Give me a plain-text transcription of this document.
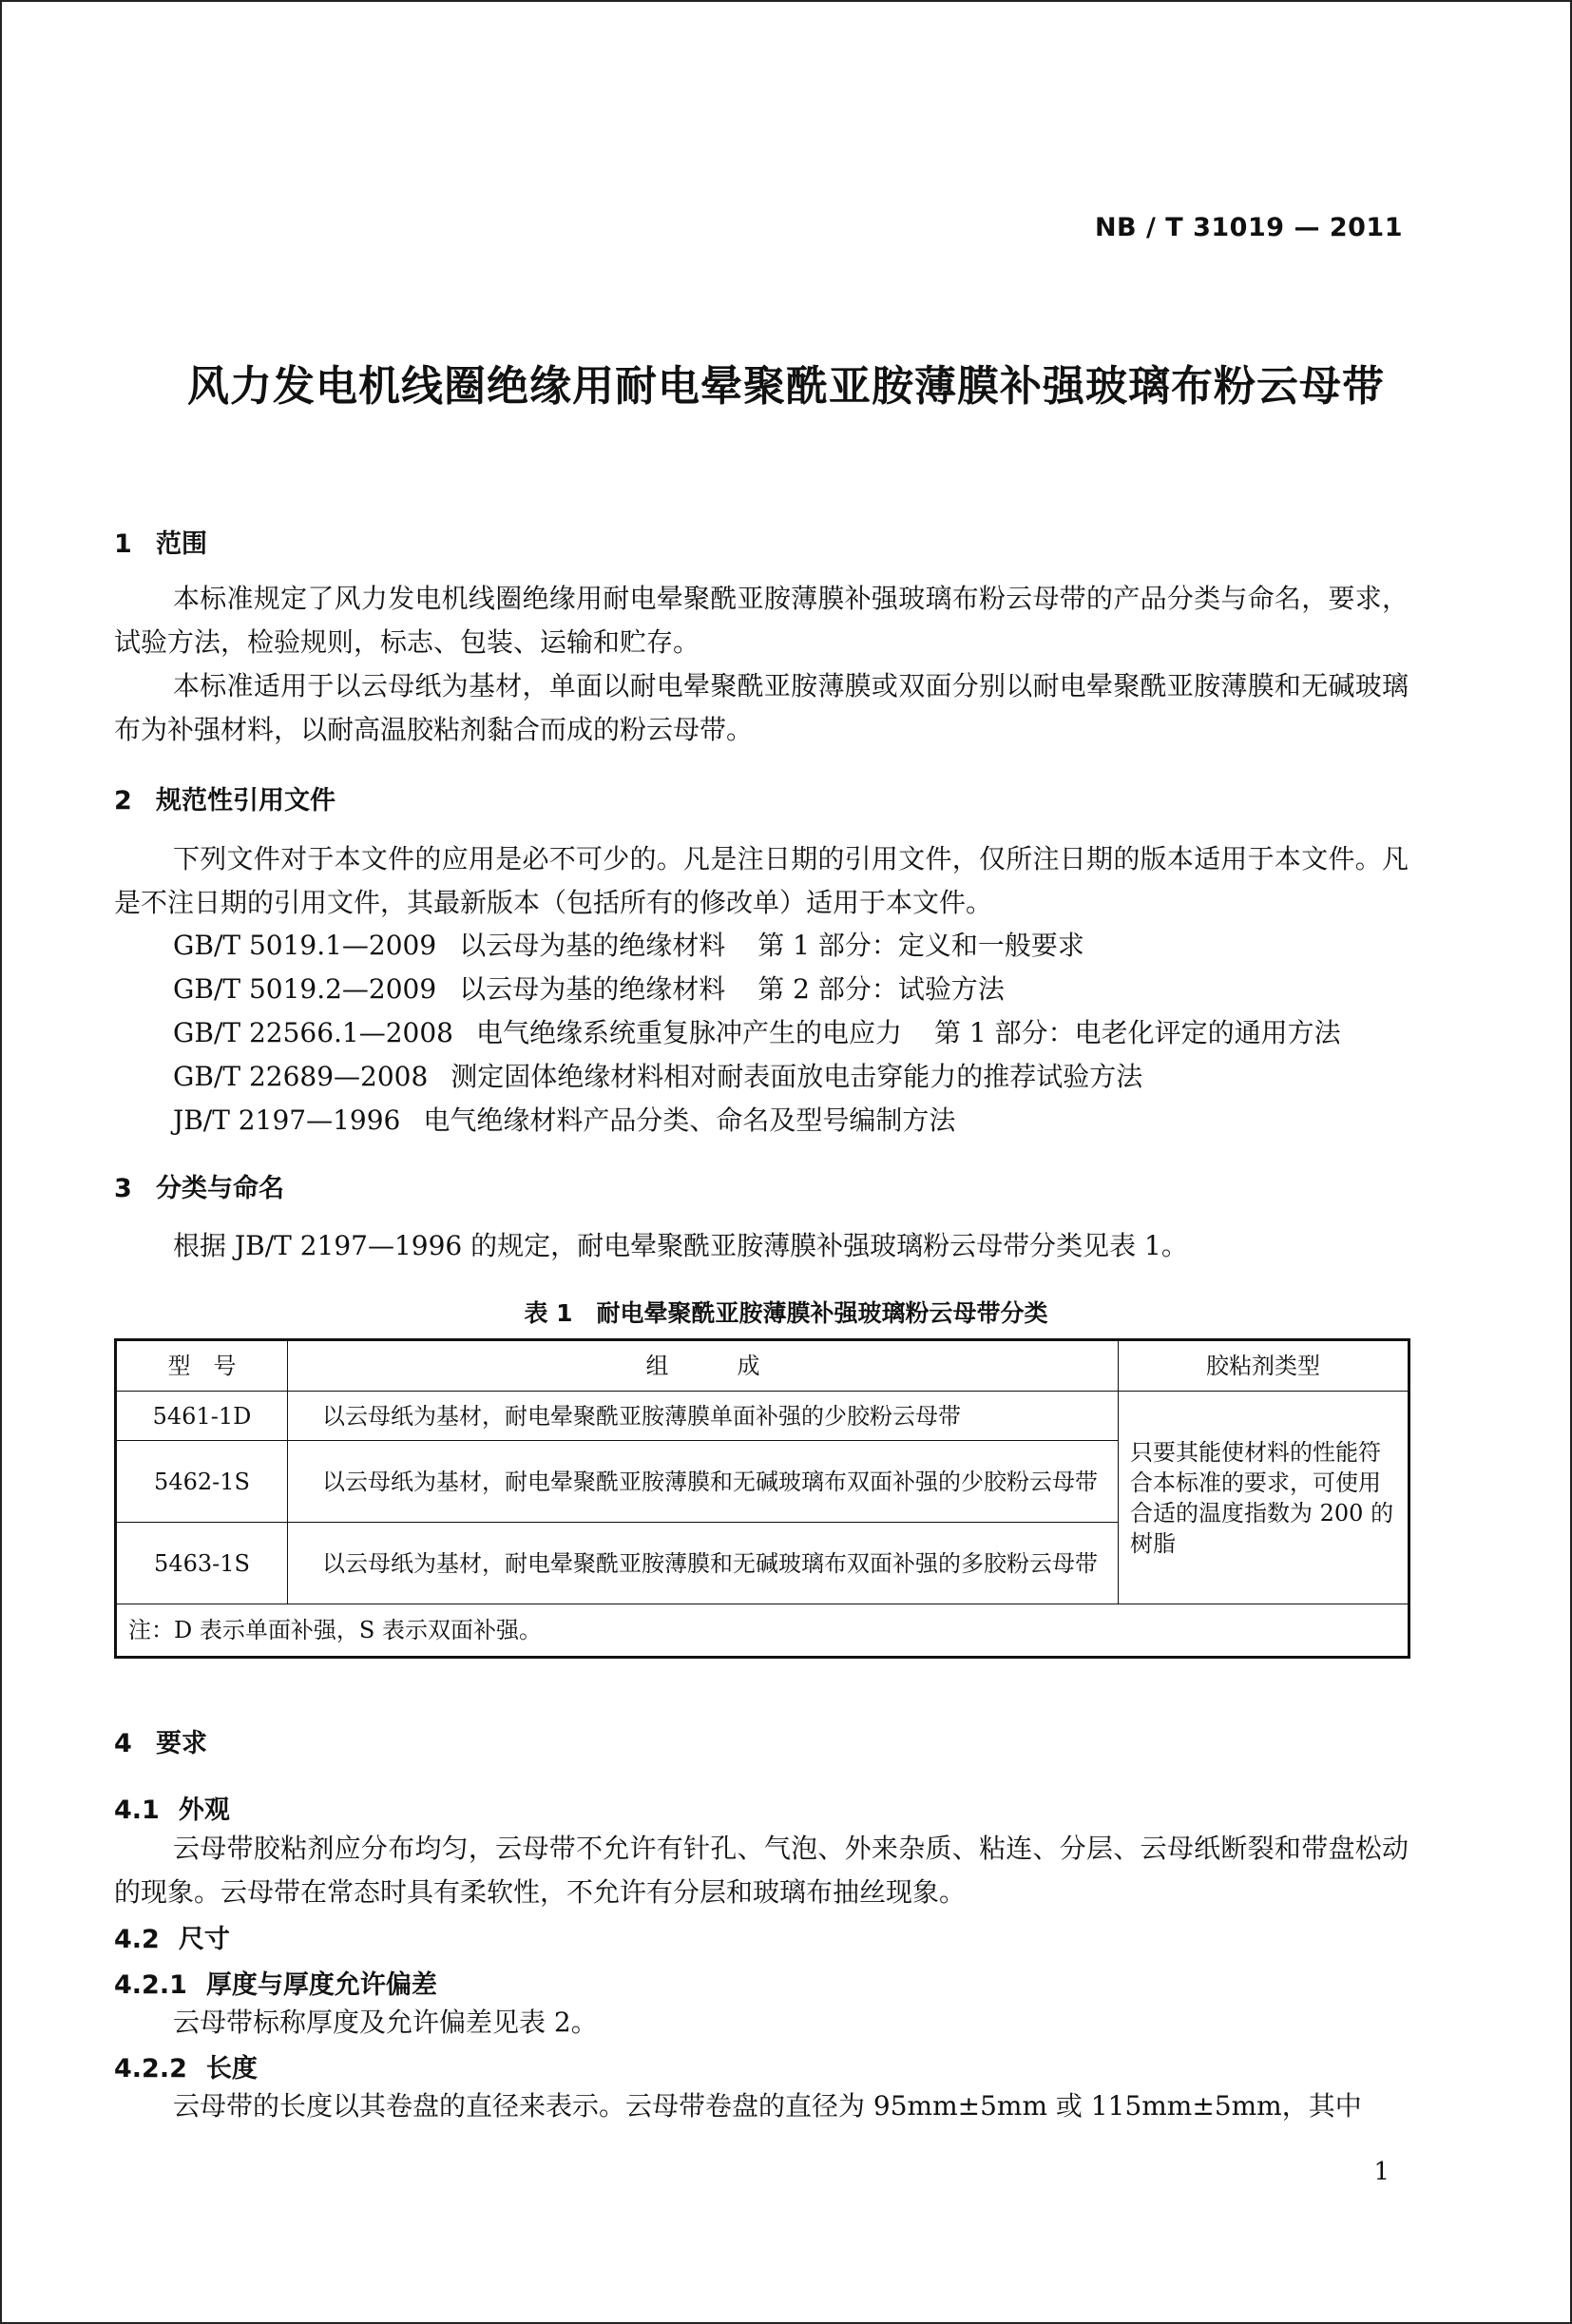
NB / T 31019 — 2011
风力发电机线圈绝缘用耐电晕聚酰亚胺薄膜补强玻璃布粉云母带
1 范围
本标准规定了风力发电机线圈绝缘用耐电晕聚酰亚胺薄膜补强玻璃布粉云母带的产品分类与命名，要求，试验方法，检验规则，标志、包装、运输和贮存。
本标准适用于以云母纸为基材，单面以耐电晕聚酰亚胺薄膜或双面分别以耐电晕聚酰亚胺薄膜和无碱玻璃布为补强材料，以耐高温胶粘剂黏合而成的粉云母带。
2 规范性引用文件
下列文件对于本文件的应用是必不可少的。凡是注日期的引用文件，仅所注日期的版本适用于本文件。凡是不注日期的引用文件，其最新版本（包括所有的修改单）适用于本文件。
GB/T 5019.1—2009 以云母为基的绝缘材料 第 1 部分：定义和一般要求
GB/T 5019.2—2009 以云母为基的绝缘材料 第 2 部分：试验方法
GB/T 22566.1—2008 电气绝缘系统重复脉冲产生的电应力 第 1 部分：电老化评定的通用方法
GB/T 22689—2008 测定固体绝缘材料相对耐表面放电击穿能力的推荐试验方法
JB/T 2197—1996 电气绝缘材料产品分类、命名及型号编制方法
3 分类与命名
根据 JB/T 2197—1996 的规定，耐电晕聚酰亚胺薄膜补强玻璃粉云母带分类见表 1。
表 1　耐电晕聚酰亚胺薄膜补强玻璃粉云母带分类
型　号	组　　　成	胶粘剂类型
5461-1D	以云母纸为基材，耐电晕聚酰亚胺薄膜单面补强的少胶粉云母带	只要其能使材料的性能符合本标准的要求，可使用合适的温度指数为 200 的树脂
5462-1S	以云母纸为基材，耐电晕聚酰亚胺薄膜和无碱玻璃布双面补强的少胶粉云母带	
5463-1S	以云母纸为基材，耐电晕聚酰亚胺薄膜和无碱玻璃布双面补强的多胶粉云母带	
注：D 表示单面补强，S 表示双面补强。		
4 要求
4.1 外观
云母带胶粘剂应分布均匀，云母带不允许有针孔、气泡、外来杂质、粘连、分层、云母纸断裂和带盘松动的现象。云母带在常态时具有柔软性，不允许有分层和玻璃布抽丝现象。
4.2 尺寸
4.2.1 厚度与厚度允许偏差
云母带标称厚度及允许偏差见表 2。
4.2.2 长度
云母带的长度以其卷盘的直径来表示。云母带卷盘的直径为 95mm±5mm 或 115mm±5mm，其中
1
